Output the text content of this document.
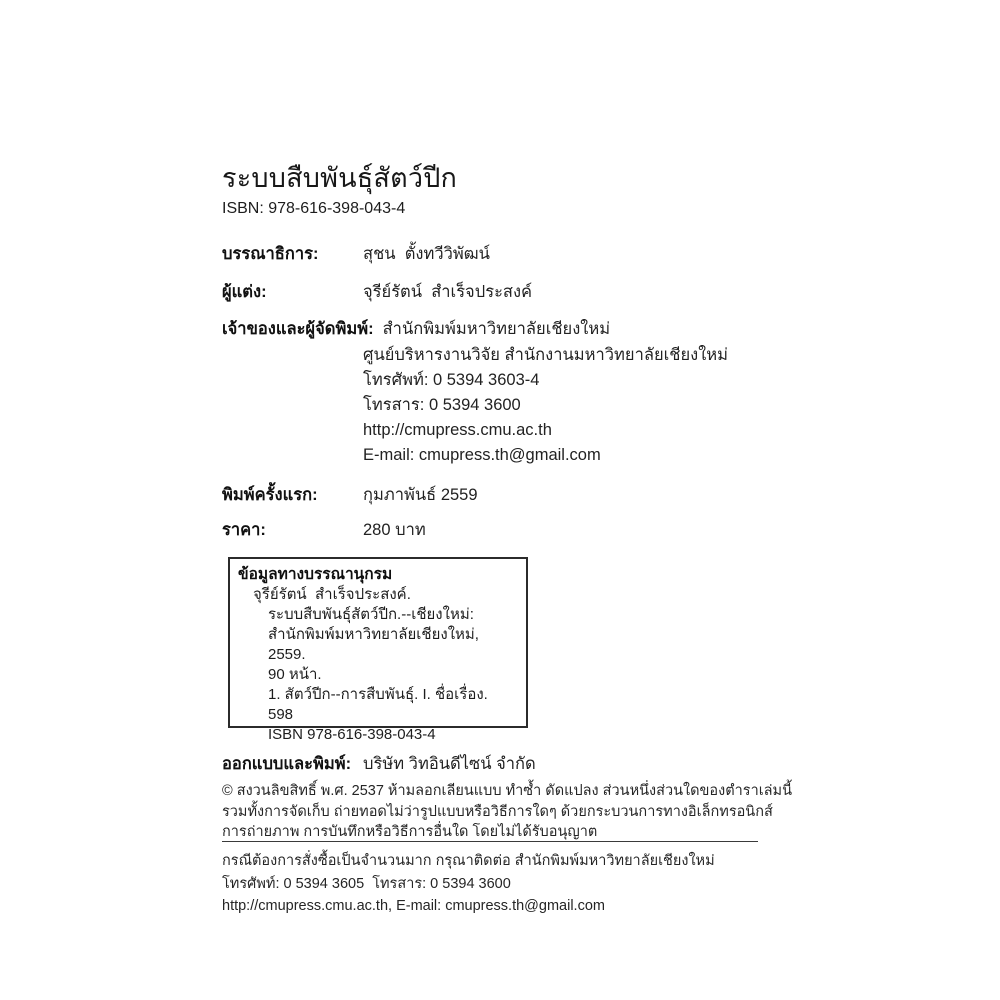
ระบบสืบพันธุ์สัตว์ปีก
ISBN: 978-616-398-043-4
บรรณาธิการ:	สุชน  ตั้งทวีวิพัฒน์
ผู้แต่ง:	จุรีย์รัตน์  สำเร็จประสงค์
เจ้าของและผู้จัดพิมพ์: สำนักพิมพ์มหาวิทยาลัยเชียงใหม่
ศูนย์บริหารงานวิจัย สำนักงานมหาวิทยาลัยเชียงใหม่
โทรศัพท์: 0 5394 3603-4
โทรสาร: 0 5394 3600
http://cmupress.cmu.ac.th
E-mail: cmupress.th@gmail.com
พิมพ์ครั้งแรก:	กุมภาพันธ์ 2559
ราคา:	280 บาท
ข้อมูลทางบรรณานุกรม
จุรีย์รัตน์  สำเร็จประสงค์.
ระบบสืบพันธุ์สัตว์ปีก.--เชียงใหม่:
สำนักพิมพ์มหาวิทยาลัยเชียงใหม่, 2559.
90 หน้า.
1. สัตว์ปีก--การสืบพันธุ์. I. ชื่อเรื่อง.
598
ISBN 978-616-398-043-4
ออกแบบและพิมพ์: บริษัท วิทอินดีไซน์ จำกัด
© สงวนลิขสิทธิ์ พ.ศ. 2537 ห้ามลอกเลียนแบบ ทำซ้ำ ดัดแปลง ส่วนหนึ่งส่วนใดของตำราเล่มนี้ รวมทั้งการจัดเก็บ ถ่ายทอดไม่ว่ารูปแบบหรือวิธีการใดๆ ด้วยกระบวนการทางอิเล็กทรอนิกส์ การถ่ายภาพ การบันทึกหรือวิธีการอื่นใด โดยไม่ได้รับอนุญาต
กรณีต้องการสั่งซื้อเป็นจำนวนมาก กรุณาติดต่อ สำนักพิมพ์มหาวิทยาลัยเชียงใหม่
โทรศัพท์: 0 5394 3605  โทรสาร: 0 5394 3600
http://cmupress.cmu.ac.th, E-mail: cmupress.th@gmail.com
